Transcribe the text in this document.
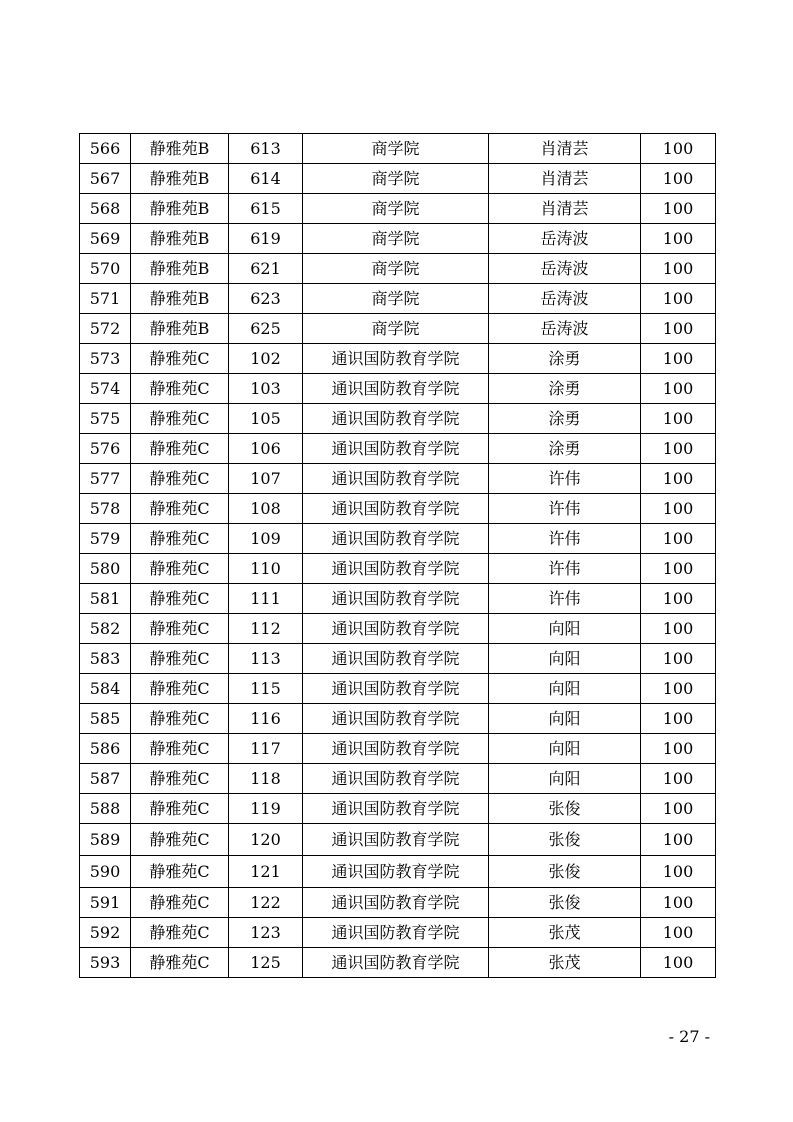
566	静雅苑B	613	商学院	肖清芸	100
567	静雅苑B	614	商学院	肖清芸	100
568	静雅苑B	615	商学院	肖清芸	100
569	静雅苑B	619	商学院	岳涛波	100
570	静雅苑B	621	商学院	岳涛波	100
571	静雅苑B	623	商学院	岳涛波	100
572	静雅苑B	625	商学院	岳涛波	100
573	静雅苑C	102	通识国防教育学院	涂勇	100
574	静雅苑C	103	通识国防教育学院	涂勇	100
575	静雅苑C	105	通识国防教育学院	涂勇	100
576	静雅苑C	106	通识国防教育学院	涂勇	100
577	静雅苑C	107	通识国防教育学院	许伟	100
578	静雅苑C	108	通识国防教育学院	许伟	100
579	静雅苑C	109	通识国防教育学院	许伟	100
580	静雅苑C	110	通识国防教育学院	许伟	100
581	静雅苑C	111	通识国防教育学院	许伟	100
582	静雅苑C	112	通识国防教育学院	向阳	100
583	静雅苑C	113	通识国防教育学院	向阳	100
584	静雅苑C	115	通识国防教育学院	向阳	100
585	静雅苑C	116	通识国防教育学院	向阳	100
586	静雅苑C	117	通识国防教育学院	向阳	100
587	静雅苑C	118	通识国防教育学院	向阳	100
588	静雅苑C	119	通识国防教育学院	张俊	100
589	静雅苑C	120	通识国防教育学院	张俊	100
590	静雅苑C	121	通识国防教育学院	张俊	100
591	静雅苑C	122	通识国防教育学院	张俊	100
592	静雅苑C	123	通识国防教育学院	张茂	100
593	静雅苑C	125	通识国防教育学院	张茂	100
- 27 -
